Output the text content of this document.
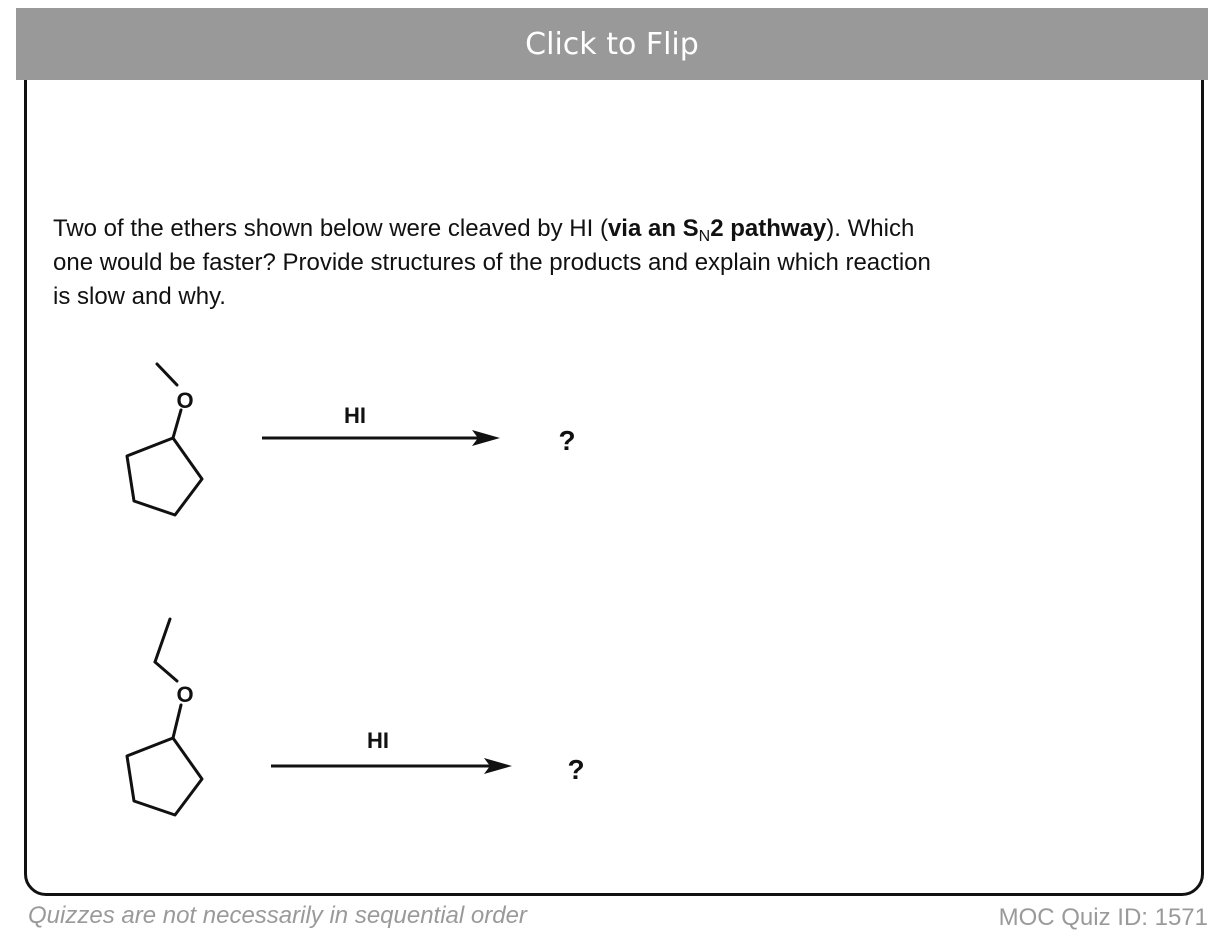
Click to Flip
Two of the ethers shown below were cleaved by HI (via an $S_N2$ pathway). Which one would be faster? Provide structures of the products and explain which reaction is slow and why.
O
HI
?
O
HI
?
Quizzes are not necessarily in sequential order	MOC Quiz ID: 1571
